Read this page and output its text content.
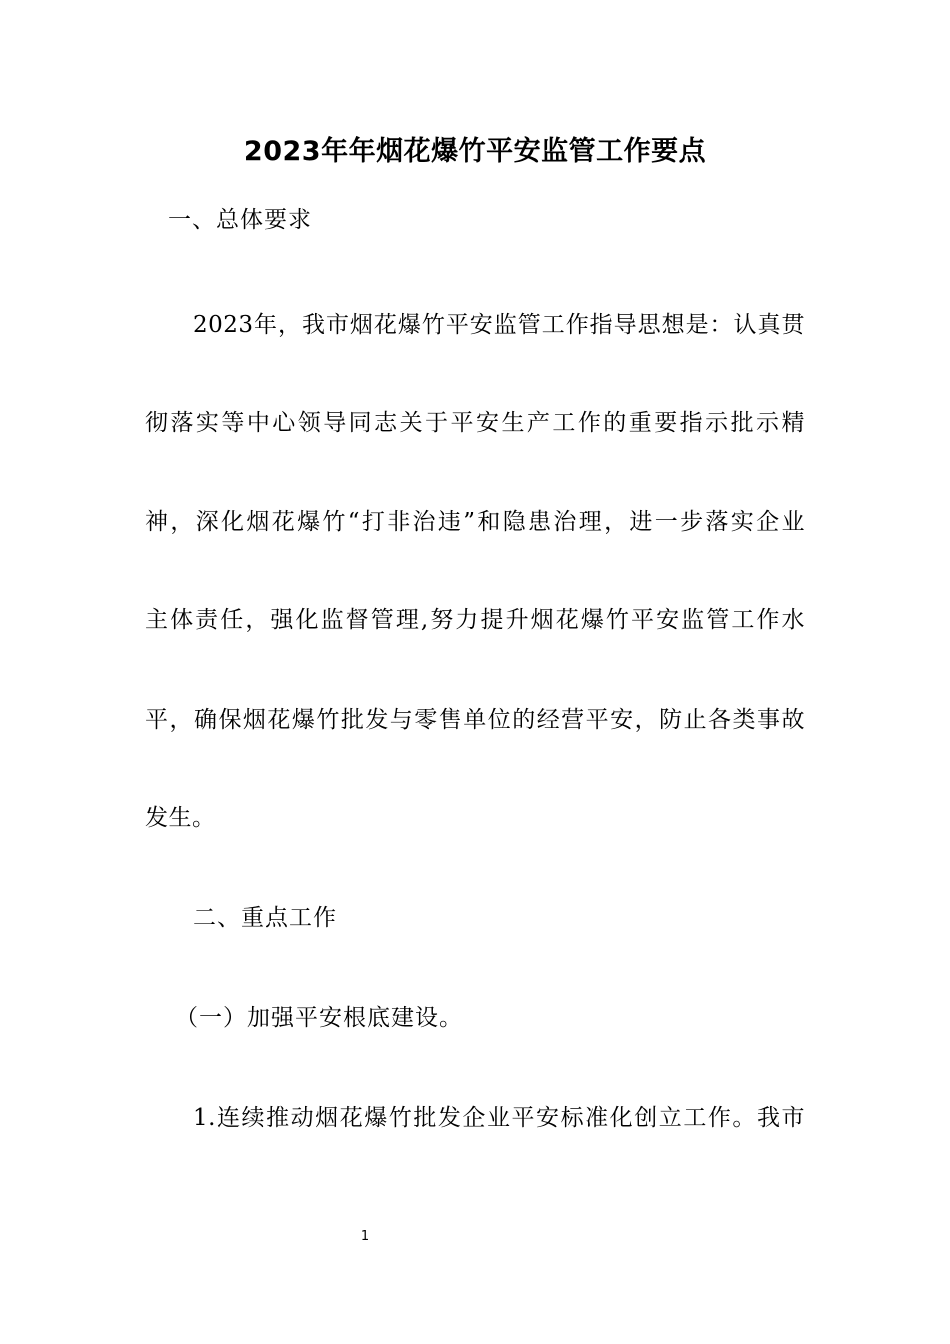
2023年年烟花爆竹平安监管工作要点
一、总体要求
2023年，我市烟花爆竹平安监管工作指导思想是：认真贯
彻落实等中心领导同志关于平安生产工作的重要指示批示精
神，深化烟花爆竹“打非治违”和隐患治理，进一步落实企业
主体责任，强化监督管理,努力提升烟花爆竹平安监管工作水
平，确保烟花爆竹批发与零售单位的经营平安，防止各类事故
发生。
二、重点工作
（一）加强平安根底建设。
1.连续推动烟花爆竹批发企业平安标准化创立工作。我市
1
